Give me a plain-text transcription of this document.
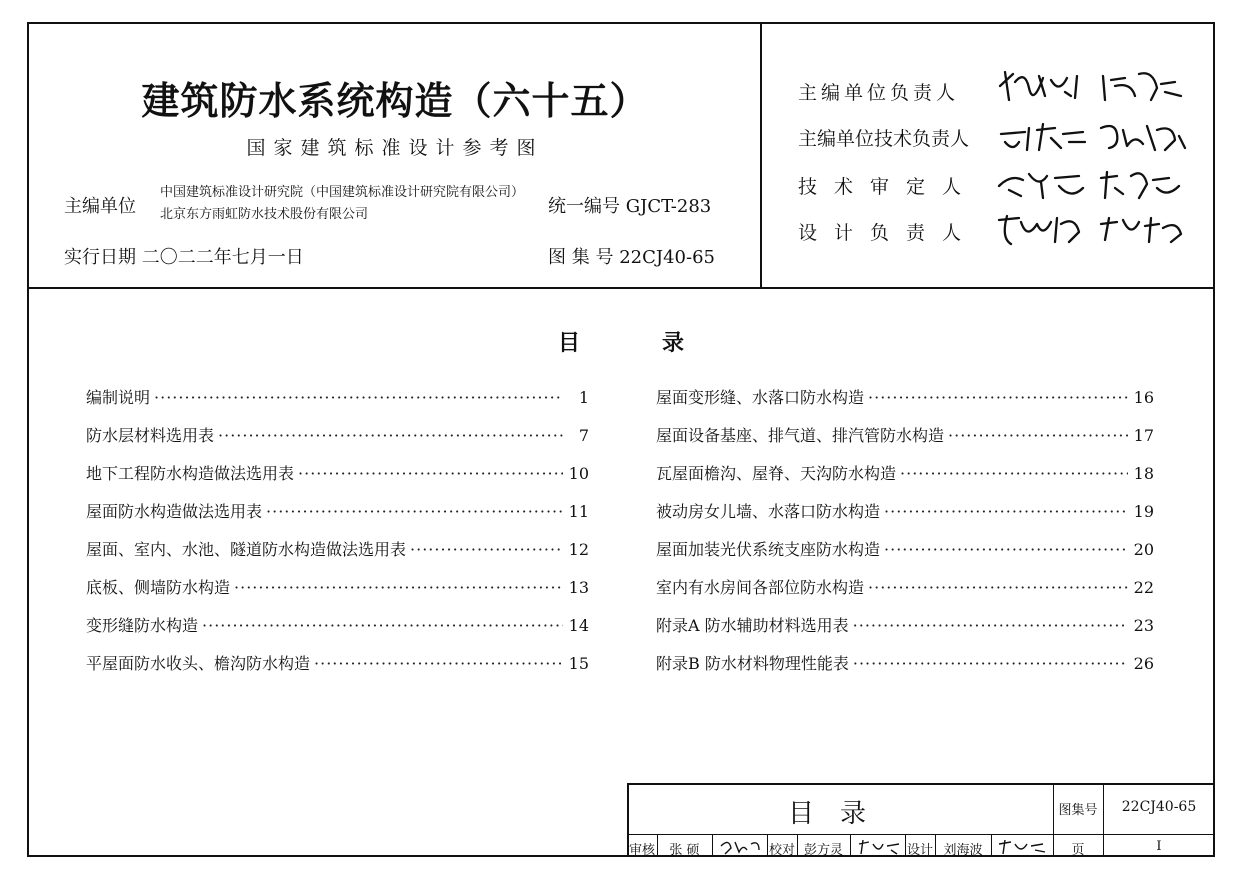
建筑防水系统构造（六十五）
国家建筑标准设计参考图
主编单位
中国建筑标准设计研究院（中国建筑标准设计研究院有限公司）
北京东方雨虹防水技术股份有限公司	统一编号 GJCT-283
实行日期 二〇二二年七月一日	图 集 号 22CJ40-65
主编单位负责人
主编单位技术负责人
技术审定人
设计负责人
目	录
编制说明 ·····	1
防水层材料选用表 ·····	7
地下工程防水构造做法选用表 ·····	10
屋面防水构造做法选用表 ·····	11
屋面、室内、水池、隧道防水构造做法选用表 ·····	12
底板、侧墙防水构造 ·····	13
变形缝防水构造 ·····	14
平屋面防水收头、檐沟防水构造 ·····	15
屋面变形缝、水落口防水构造 ·····	16
屋面设备基座、排气道、排汽管防水构造 ·····	17
瓦屋面檐沟、屋脊、天沟防水构造 ·····	18
被动房女儿墙、水落口防水构造 ·····	19
屋面加装光伏系统支座防水构造 ·····	20
室内有水房间各部位防水构造 ·····	22
附录A 防水辅助材料选用表 ·····	23
附录B 防水材料物理性能表 ·····	26
目录	图集号	22CJ40-65
页	I
审核	张 硕	校对 彭方灵	设计 刘海波
